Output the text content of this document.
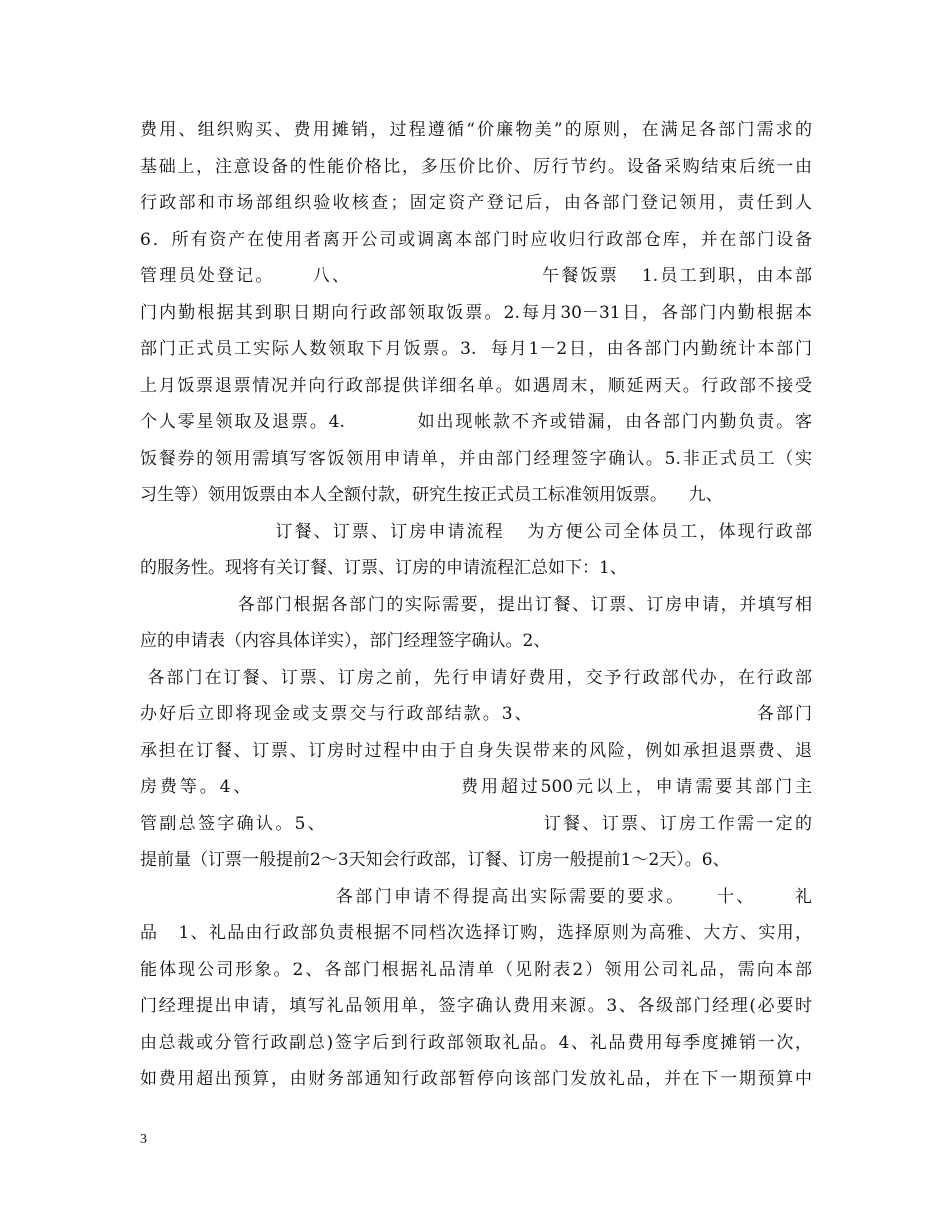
费用、组织购买、费用摊销，过程遵循“价廉物美”的原则，在满足各部门需求的
基础上，注意设备的性能价格比，多压价比价、厉行节约。设备采购结束后统一由
行政部和市场部组织验收核查；固定资产登记后，由各部门登记领用，责任到人
6．所有资产在使用者离开公司或调离本部门时应收归行政部仓库，并在部门设备
管理员处登记。     八、                         午餐饭票   1.员工到职，由本部
门内勤根据其到职日期向行政部领取饭票。2.每月30－31日，各部门内勤根据本
部门正式员工实际人数领取下月饭票。3.  每月1－2日，由各部门内勤统计本部门
上月饭票退票情况并向行政部提供详细名单。如遇周末，顺延两天。行政部不接受
个人零星领取及退票。4.          如出现帐款不齐或错漏，由各部门内勤负责。客
饭餐券的领用需填写客饭领用申请单，并由部门经理签字确认。5.非正式员工（实
习生等）领用饭票由本人全额付款，研究生按正式员工标准领用饭票。    九、
订餐、订票、订房申请流程   为方便公司全体员工，体现行政部
的服务性。现将有关订餐、订票、订房的申请流程汇总如下：1、
各部门根据各部门的实际需要，提出订餐、订票、订房申请，并填写相
应的申请表（内容具体详实），部门经理签字确认。2、
各部门在订餐、订票、订房之前，先行申请好费用，交予行政部代办，在行政部
办好后立即将现金或支票交与行政部结款。3、                              各部门
承担在订餐、订票、订房时过程中由于自身失误带来的风险，例如承担退票费、退
房费等。4、                         费用超过500元以上，申请需要其部门主
管副总签字确认。5、                            订餐、订票、订房工作需一定的
提前量（订票一般提前2～3天知会行政部，订餐、订房一般提前1～2天）。6、
各部门申请不得提高出实际需要的要求。    十、     礼
品   1、礼品由行政部负责根据不同档次选择订购，选择原则为高雅、大方、实用，
能体现公司形象。2、各部门根据礼品清单（见附表2）领用公司礼品，需向本部
门经理提出申请，填写礼品领用单，签字确认费用来源。3、各级部门经理(必要时
由总裁或分管行政副总)签字后到行政部领取礼品。4、礼品费用每季度摊销一次，
如费用超出预算，由财务部通知行政部暂停向该部门发放礼品，并在下一期预算中
3
